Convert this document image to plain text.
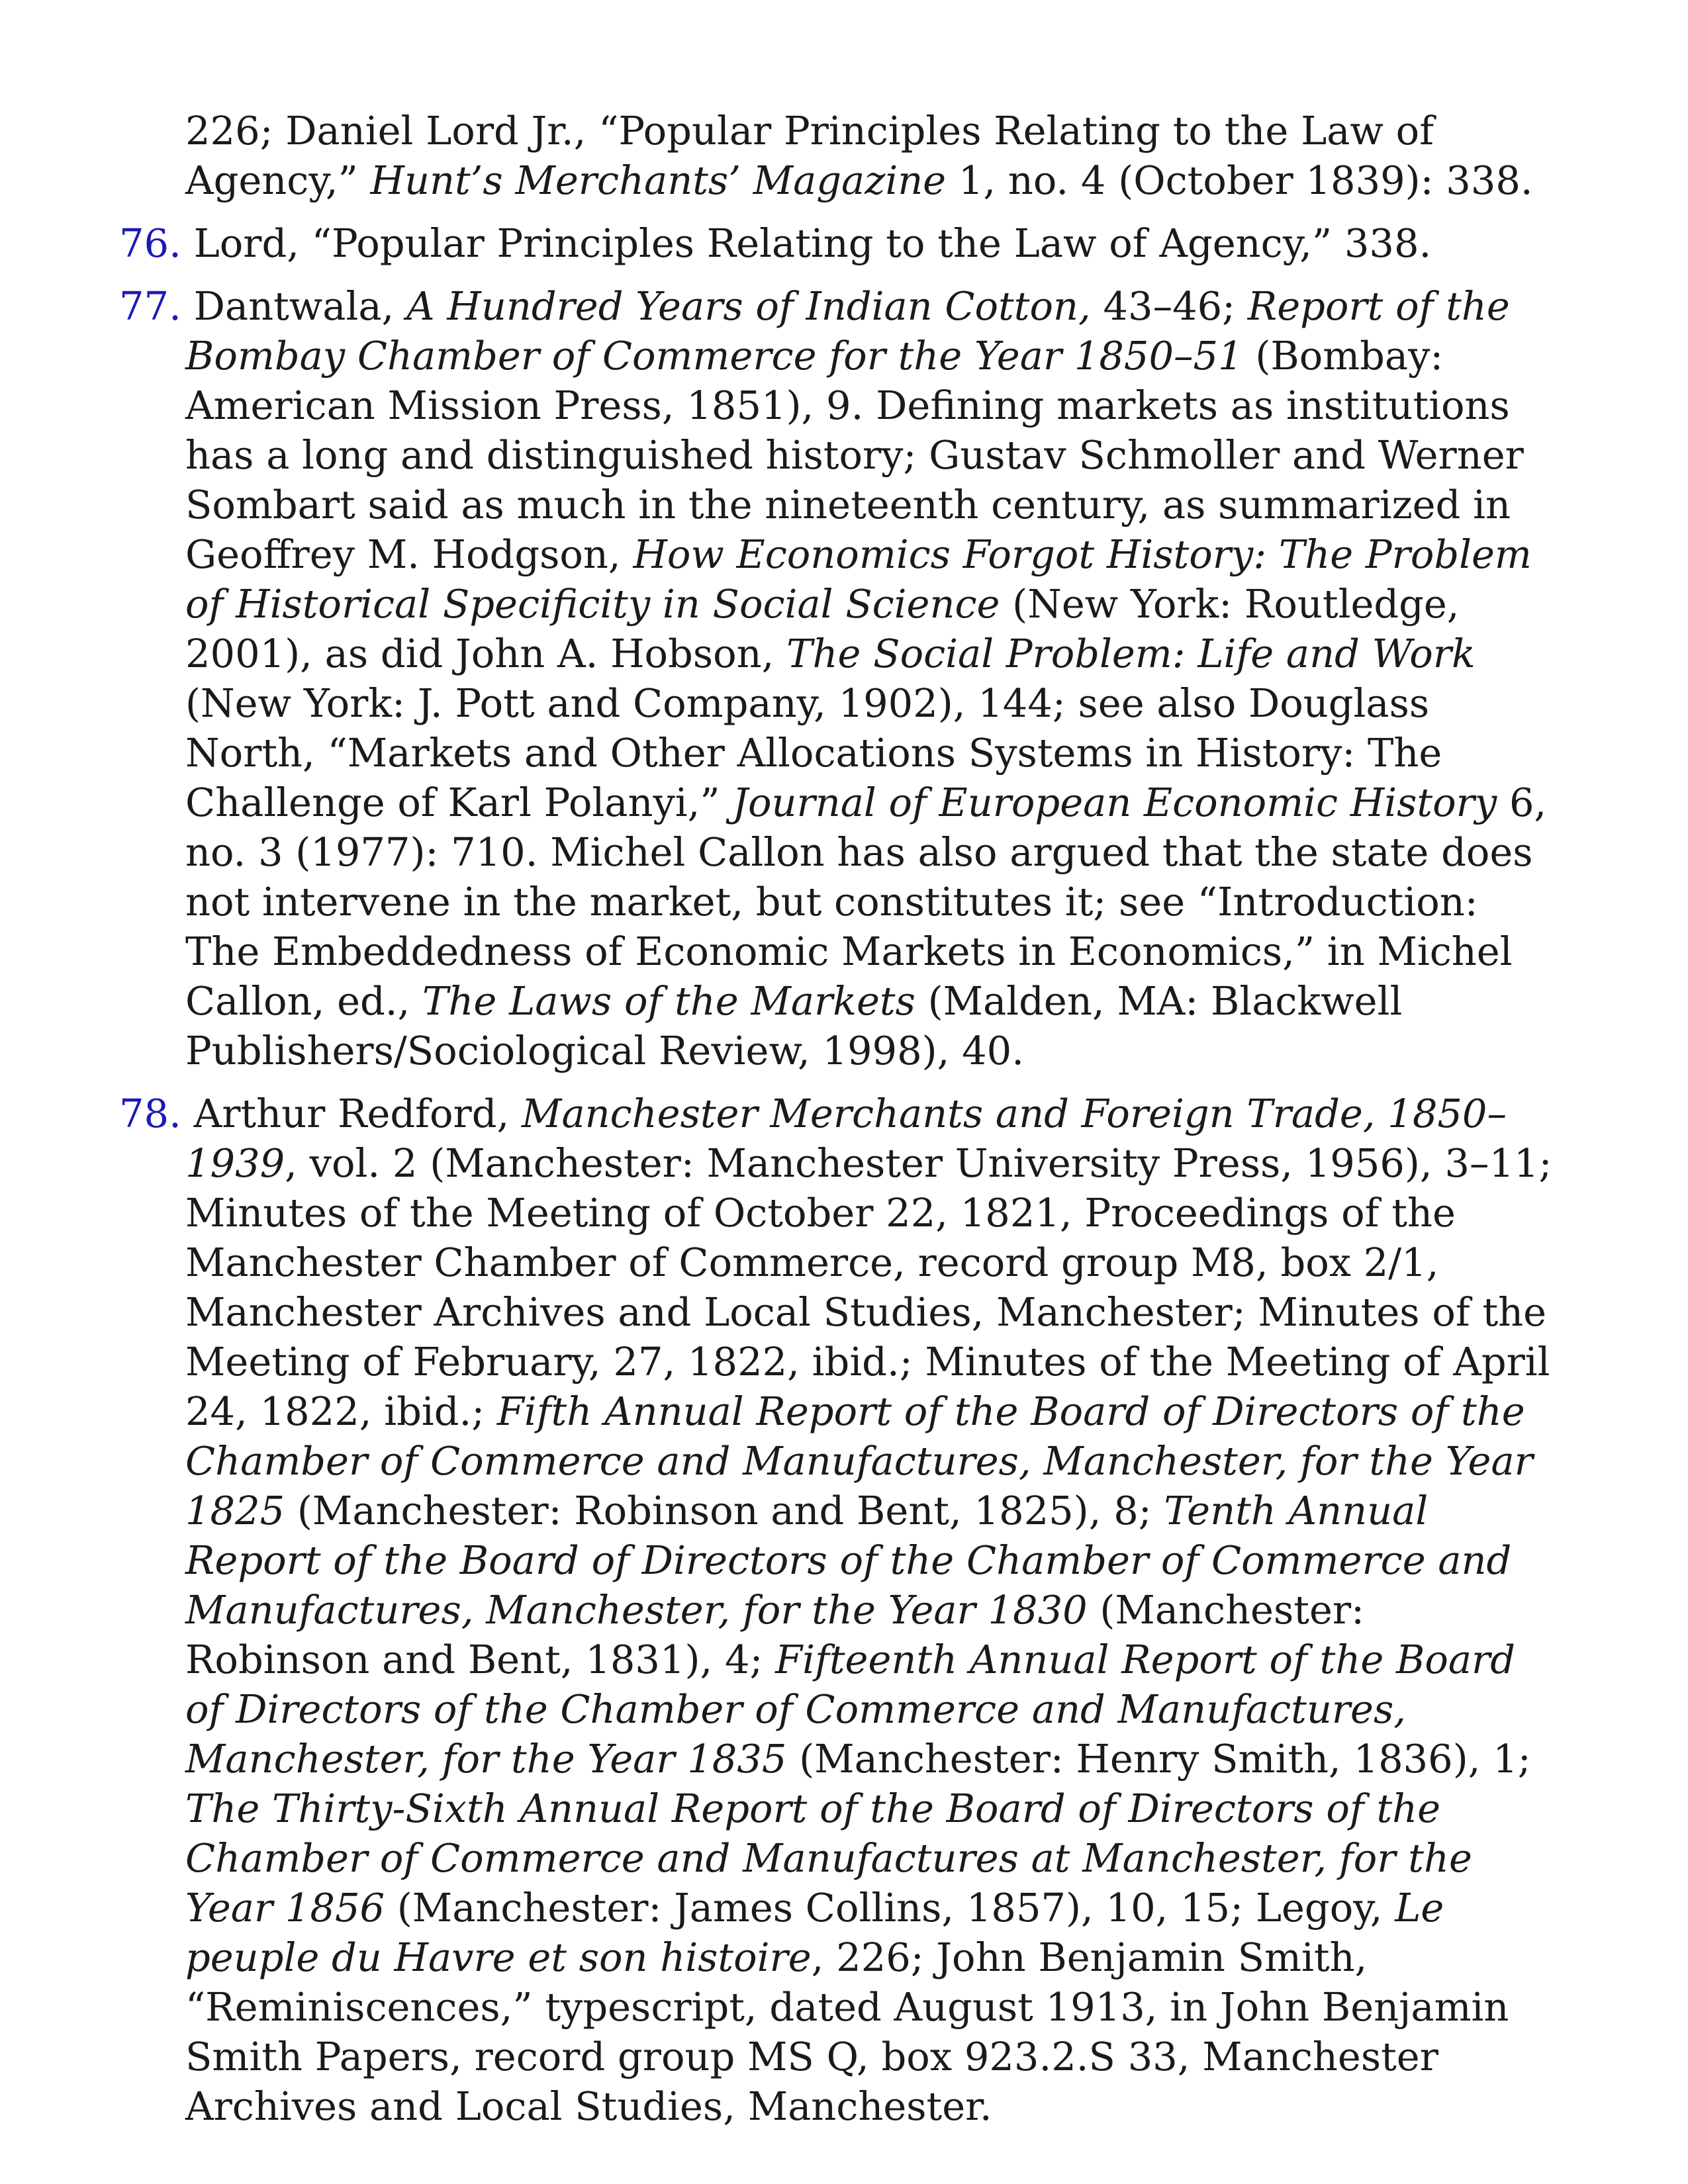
226; Daniel Lord Jr., “Popular Principles Relating to the Law of Agency,” Hunt’s Merchants’ Magazine 1, no. 4 (October 1839): 338.

76. Lord, “Popular Principles Relating to the Law of Agency,” 338.

77. Dantwala, A Hundred Years of Indian Cotton, 43–46; Report of the Bombay Chamber of Commerce for the Year 1850–51 (Bombay: American Mission Press, 1851), 9. Defining markets as institutions has a long and distinguished history; Gustav Schmoller and Werner Sombart said as much in the nineteenth century, as summarized in Geoffrey M. Hodgson, How Economics Forgot History: The Problem of Historical Specificity in Social Science (New York: Routledge, 2001), as did John A. Hobson, The Social Problem: Life and Work (New York: J. Pott and Company, 1902), 144; see also Douglass North, “Markets and Other Allocations Systems in History: The Challenge of Karl Polanyi,” Journal of European Economic History 6, no. 3 (1977): 710. Michel Callon has also argued that the state does not intervene in the market, but constitutes it; see “Introduction: The Embeddedness of Economic Markets in Economics,” in Michel Callon, ed., The Laws of the Markets (Malden, MA: Blackwell Publishers/Sociological Review, 1998), 40.

78. Arthur Redford, Manchester Merchants and Foreign Trade, 1850–1939, vol. 2 (Manchester: Manchester University Press, 1956), 3–11; Minutes of the Meeting of October 22, 1821, Proceedings of the Manchester Chamber of Commerce, record group M8, box 2/1, Manchester Archives and Local Studies, Manchester; Minutes of the Meeting of February, 27, 1822, ibid.; Minutes of the Meeting of April 24, 1822, ibid.; Fifth Annual Report of the Board of Directors of the Chamber of Commerce and Manufactures, Manchester, for the Year 1825 (Manchester: Robinson and Bent, 1825), 8; Tenth Annual Report of the Board of Directors of the Chamber of Commerce and Manufactures, Manchester, for the Year 1830 (Manchester: Robinson and Bent, 1831), 4; Fifteenth Annual Report of the Board of Directors of the Chamber of Commerce and Manufactures, Manchester, for the Year 1835 (Manchester: Henry Smith, 1836), 1; The Thirty-Sixth Annual Report of the Board of Directors of the Chamber of Commerce and Manufactures at Manchester, for the Year 1856 (Manchester: James Collins, 1857), 10, 15; Legoy, Le peuple du Havre et son histoire, 226; John Benjamin Smith, “Reminiscences,” typescript, dated August 1913, in John Benjamin Smith Papers, record group MS Q, box 923.2.S 33, Manchester Archives and Local Studies, Manchester.
